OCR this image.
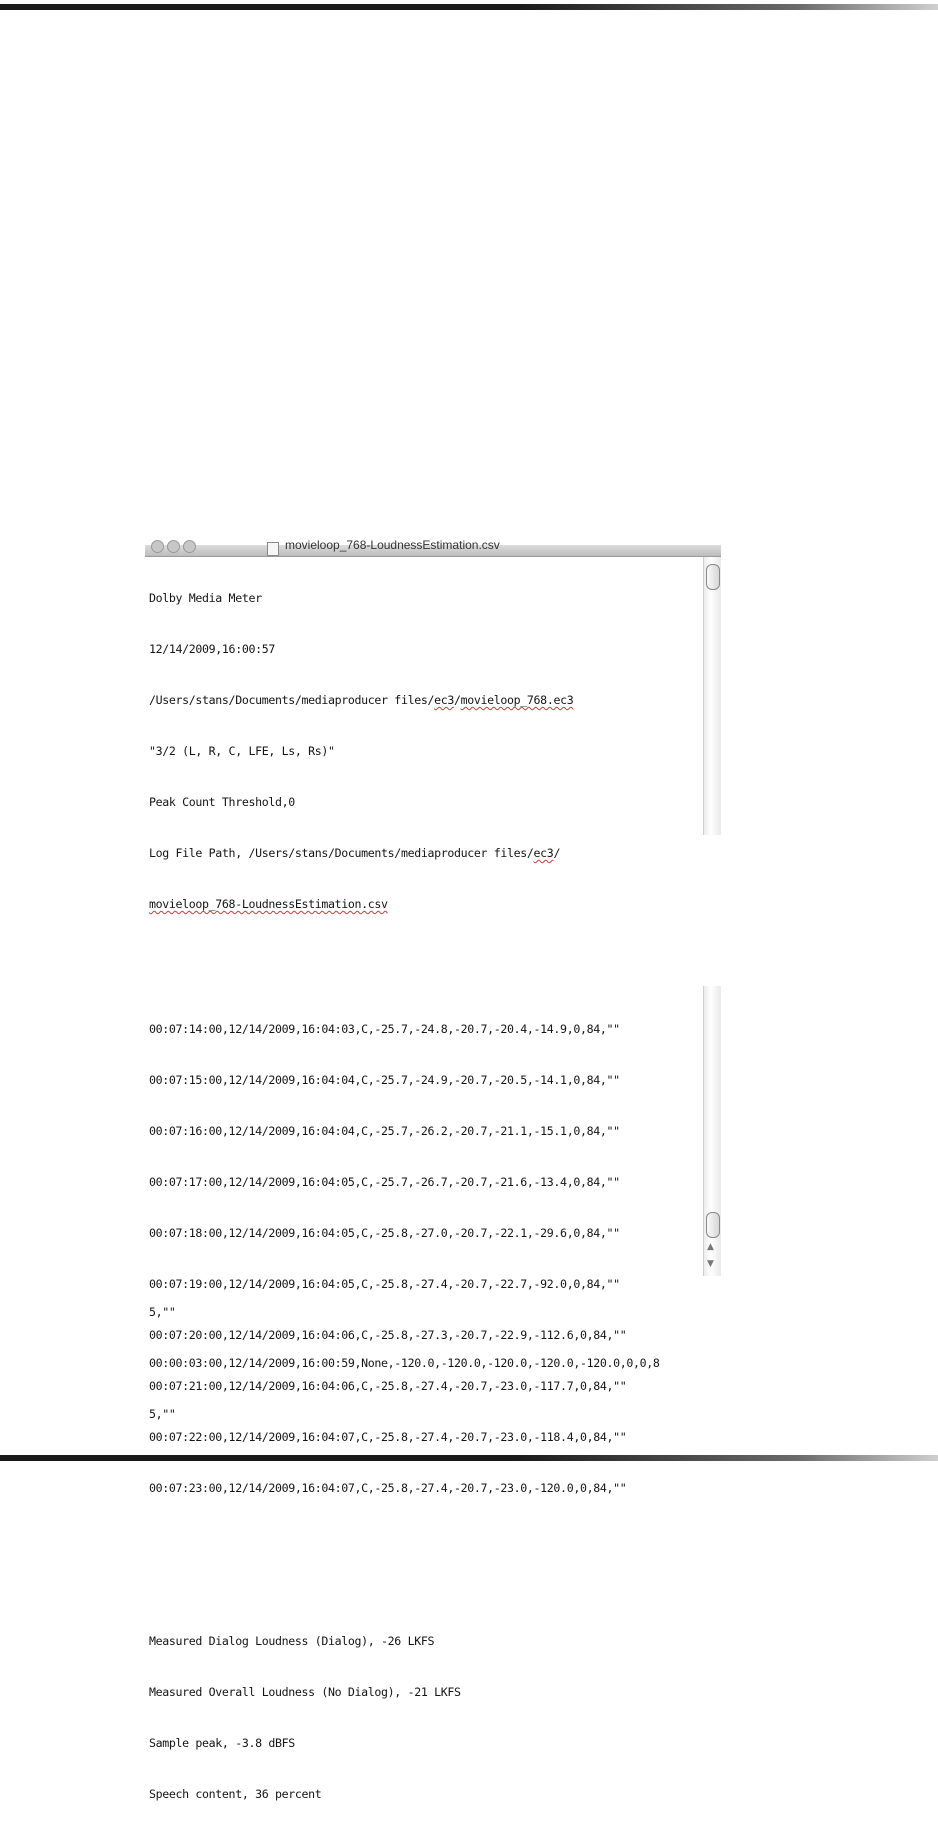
movieloop_768-LoudnessEstimation.csv

Dolby Media Meter

12/14/2009,16:00:57

/Users/stans/Documents/mediaproducer files/ec3/movieloop_768.ec3

"3/2 (L, R, C, LFE, Ls, Rs)"

Peak Count Threshold,0

Log File Path, /Users/stans/Documents/mediaproducer files/ec3/

movieloop_768-LoudnessEstimation.csv

5,""

00:00:03:00,12/14/2009,16:00:59,None,-120.0,-120.0,-120.0,-120.0,-120.0,0,0,8

5,""

00:07:14:00,12/14/2009,16:04:03,C,-25.7,-24.8,-20.7,-20.4,-14.9,0,84,""

00:07:15:00,12/14/2009,16:04:04,C,-25.7,-24.9,-20.7,-20.5,-14.1,0,84,""

00:07:16:00,12/14/2009,16:04:04,C,-25.7,-26.2,-20.7,-21.1,-15.1,0,84,""

00:07:17:00,12/14/2009,16:04:05,C,-25.7,-26.7,-20.7,-21.6,-13.4,0,84,""

00:07:18:00,12/14/2009,16:04:05,C,-25.8,-27.0,-20.7,-22.1,-29.6,0,84,""

00:07:19:00,12/14/2009,16:04:05,C,-25.8,-27.4,-20.7,-22.7,-92.0,0,84,""

00:07:20:00,12/14/2009,16:04:06,C,-25.8,-27.3,-20.7,-22.9,-112.6,0,84,""

00:07:21:00,12/14/2009,16:04:06,C,-25.8,-27.4,-20.7,-23.0,-117.7,0,84,""

00:07:22:00,12/14/2009,16:04:07,C,-25.8,-27.4,-20.7,-23.0,-118.4,0,84,""

00:07:23:00,12/14/2009,16:04:07,C,-25.8,-27.4,-20.7,-23.0,-120.0,0,84,""

Measured Dialog Loudness (Dialog), -26 LKFS

Measured Overall Loudness (No Dialog), -21 LKFS

Sample peak, -3.8 dBFS

Speech content, 36 percent

▲
▼
